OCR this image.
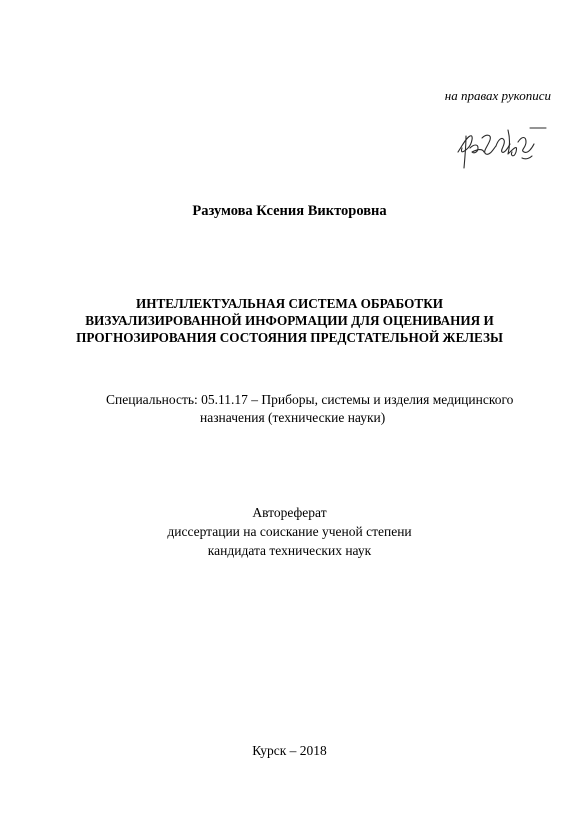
на правах рукописи
Разумова Ксения Викторовна
ИНТЕЛЛЕКТУАЛЬНАЯ СИСТЕМА ОБРАБОТКИ
ВИЗУАЛИЗИРОВАННОЙ ИНФОРМАЦИИ ДЛЯ ОЦЕНИВАНИЯ И
ПРОГНОЗИРОВАНИЯ СОСТОЯНИЯ ПРЕДСТАТЕЛЬНОЙ ЖЕЛЕЗЫ
Специальность: 05.11.17 – Приборы, системы и изделия медицинского
назначения (технические науки)
Автореферат
диссертации на соискание ученой степени
кандидата технических наук
Курск – 2018
